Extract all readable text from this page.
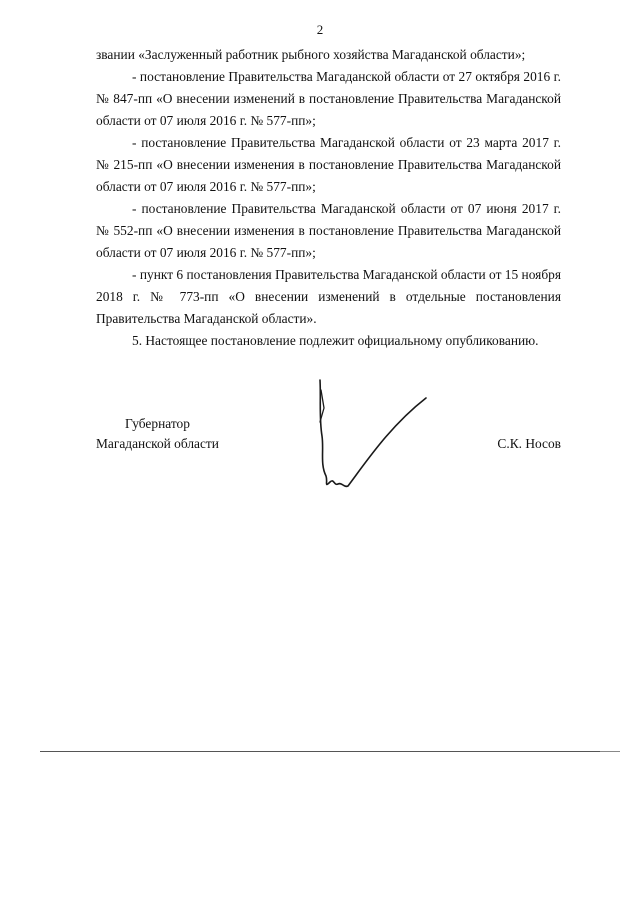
2

звании «Заслуженный работник рыбного хозяйства Магаданской области»;

- постановление Правительства Магаданской области от 27 октября 2016 г. № 847-пп «О внесении изменений в постановление Правительства Магаданской области от 07 июля 2016 г. № 577-пп»;

- постановление Правительства Магаданской области от 23 марта 2017 г. № 215-пп «О внесении изменения в постановление Правительства Магаданской области от 07 июля 2016 г. № 577-пп»;

- постановление Правительства Магаданской области от 07 июня 2017 г. № 552-пп «О внесении изменения в постановление Правительства Магаданской области от 07 июля 2016 г. № 577-пп»;

- пункт 6 постановления Правительства Магаданской области от 15 ноября 2018 г. № 773-пп «О внесении изменений в отдельные постановления Правительства Магаданской области».

5. Настоящее постановление подлежит официальному опубликованию.

Губернатор
Магаданской области	С.К. Носов
